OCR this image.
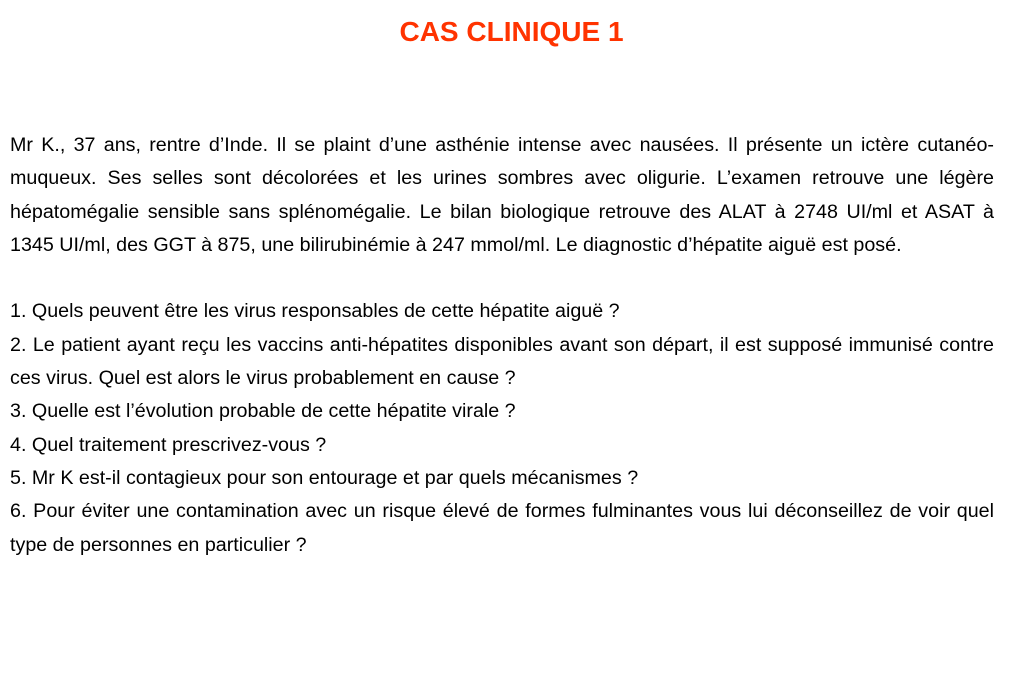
CAS CLINIQUE 1

Mr K., 37 ans, rentre d’Inde. Il se plaint d’une asthénie intense avec nausées. Il présente un ictère cutanéo-muqueux. Ses selles sont décolorées et les urines sombres avec oligurie. L’examen retrouve une légère hépatomégalie sensible sans splénomégalie. Le bilan biologique retrouve des ALAT à 2748 UI/ml et ASAT à 1345 UI/ml, des GGT à 875, une bilirubinémie à 247 mmol/ml. Le diagnostic d’hépatite aiguë est posé.

1. Quels peuvent être les virus responsables de cette hépatite aiguë ?

2. Le patient ayant reçu les vaccins anti-hépatites disponibles avant son départ, il est supposé immunisé contre ces virus. Quel est alors le virus probablement en cause ?

3. Quelle est l’évolution probable de cette hépatite virale ?

4. Quel traitement prescrivez-vous ?

5. Mr K est-il contagieux pour son entourage et par quels mécanismes ?

6. Pour éviter une contamination avec un risque élevé de formes fulminantes vous lui déconseillez de voir quel type de personnes en particulier ?
